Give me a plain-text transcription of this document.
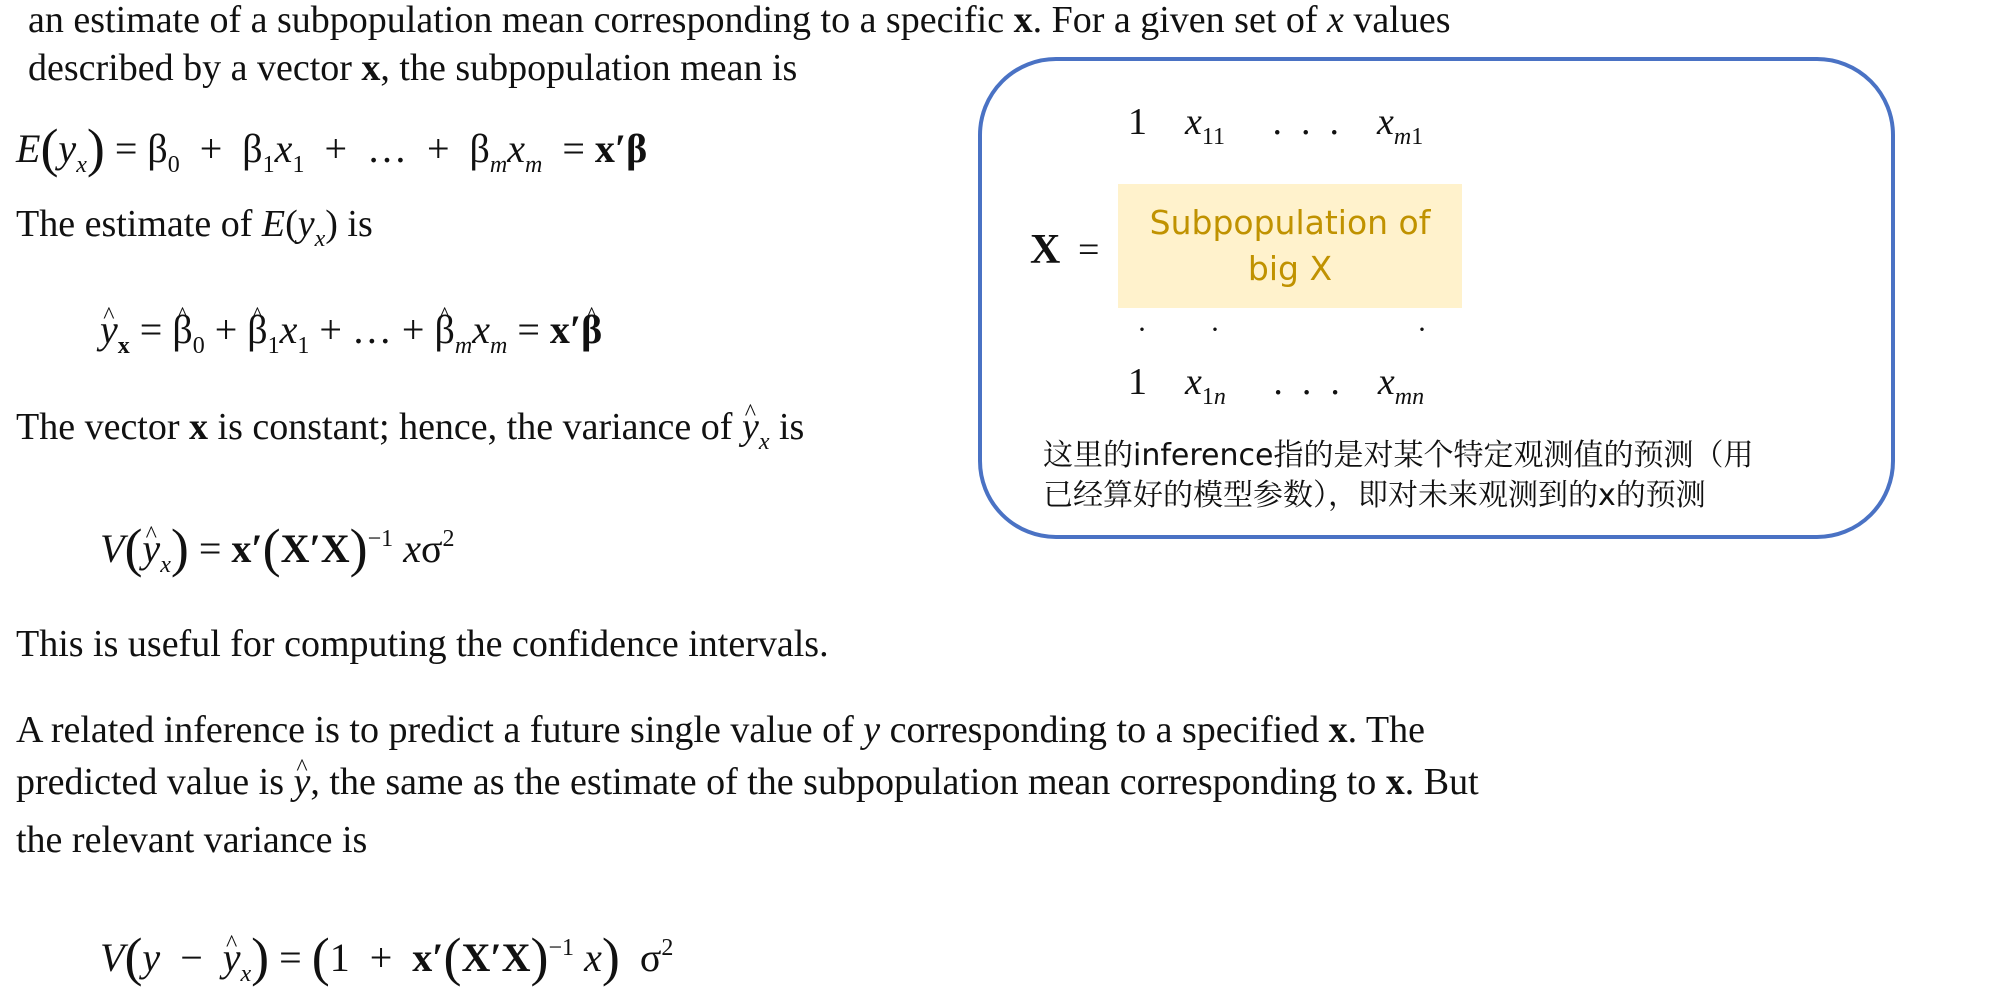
an estimate of a subpopulation mean corresponding to a specific x. For a given set of x values
described by a vector x, the subpopulation mean is
$E(y_x) = \beta_0 + \beta_1x_1$  +  …  +  $\beta_mx_m = x'\beta$
The estimate of $E(y_x)$ is
^ $y_x$ = ^ $\beta_0$ + ^ $\beta_1x_1$ + … + ^ $\beta_mx_m$ = x′^ β
The vector x is constant; hence, the variance of ^ $y_x$ is
V(^ $y_x) = x'(X'X)^{-1}$ $x\sigma^2$
This is useful for computing the confidence intervals.
A related inference is to predict a future single value of y corresponding to a specified x. The
predicted value is ^ y, the same as the estimate of the subpopulation mean corresponding to x. But
the relevant variance is
V(y  −  ^ $y_x) = (1 + x'(X'X)^{-1}$ x)  $\sigma^2$
X =
1    $x_{11}$     .  .  .    $x_{m1}$
Subpopulation of
big X
· ·	·
1    $x_{1n}$     .  .  .    $x_{mn}$
这里的inference指的是对某个特定观测值的预测（用
已经算好的模型参数），即对未来观测到的x的预测
